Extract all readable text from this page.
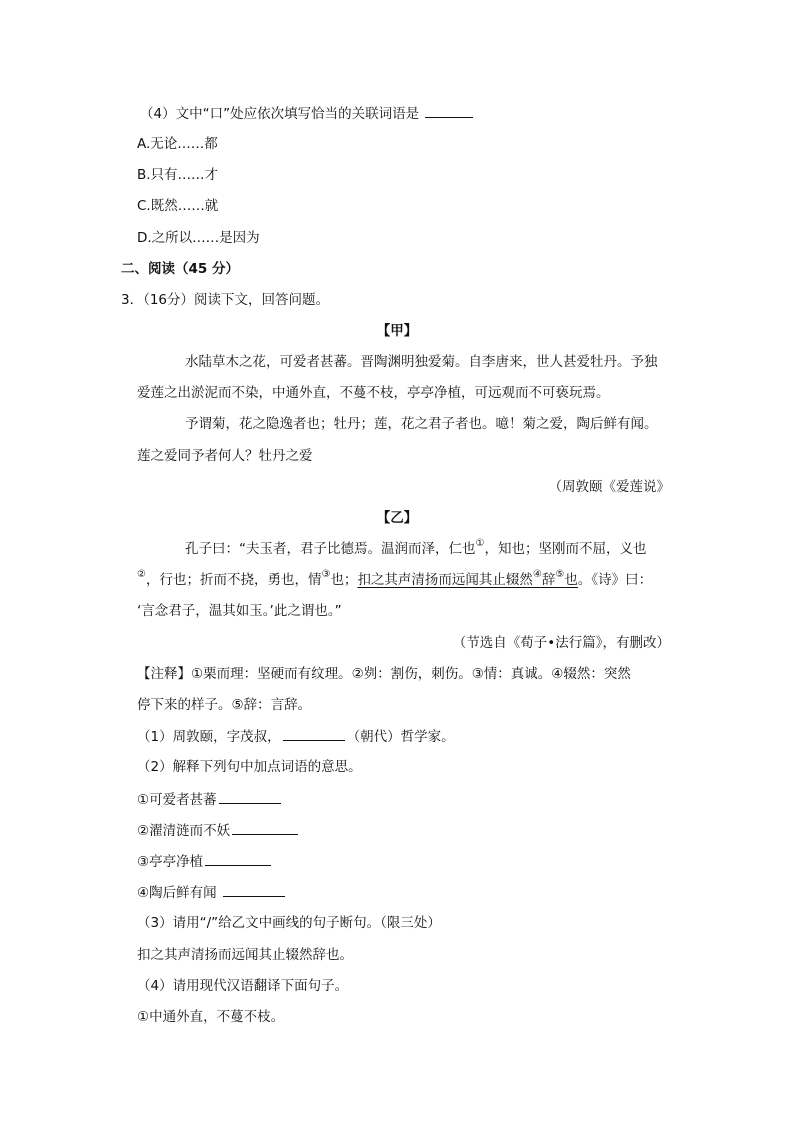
（4）文中“口”处应依次填写恰当的关联词语是
A.无论……都
B.只有……才
C.既然……就
D.之所以……是因为
二、阅读（45 分）
3．（16分）阅读下文，回答问题。
【甲】
水陆草木之花，可爱者甚蕃。晋陶渊明独爱菊。自李唐来，世人甚爱牡丹。予独
爱莲之出淤泥而不染，中通外直，不蔓不枝，亭亭净植，可远观而不可亵玩焉。
予谓菊，花之隐逸者也；牡丹；莲，花之君子者也。噫！菊之爱，陶后鲜有闻。
莲之爱同予者何人？牡丹之爱
（周敦颐《爱莲说》
【乙】
孔子曰：“夫玉者，君子比德焉。温润而泽，仁也①，知也；坚刚而不屈，义也
②，行也；折而不挠，勇也，情③也；扣之其声清扬而远闻其止辍然④辞⑤也。《诗》曰：
‘言念君子，温其如玉。’此之谓也。”
（节选自《荀子•法行篇》，有删改）
【注释】①栗而理：坚硬而有纹理。②刿：割伤，刺伤。③情：真诚。④辍然：突然
停下来的样子。⑤辞：言辞。
（1）周敦颐，字茂叔，	（朝代）哲学家。
（2）解释下列句中加点词语的意思。
①可爱者甚蕃
②濯清涟而不妖
③亭亭净植
④陶后鲜有闻
（3）请用“/”给乙文中画线的句子断句。（限三处）
扣之其声清扬而远闻其止辍然辞也。
（4）请用现代汉语翻译下面句子。
①中通外直，不蔓不枝。
